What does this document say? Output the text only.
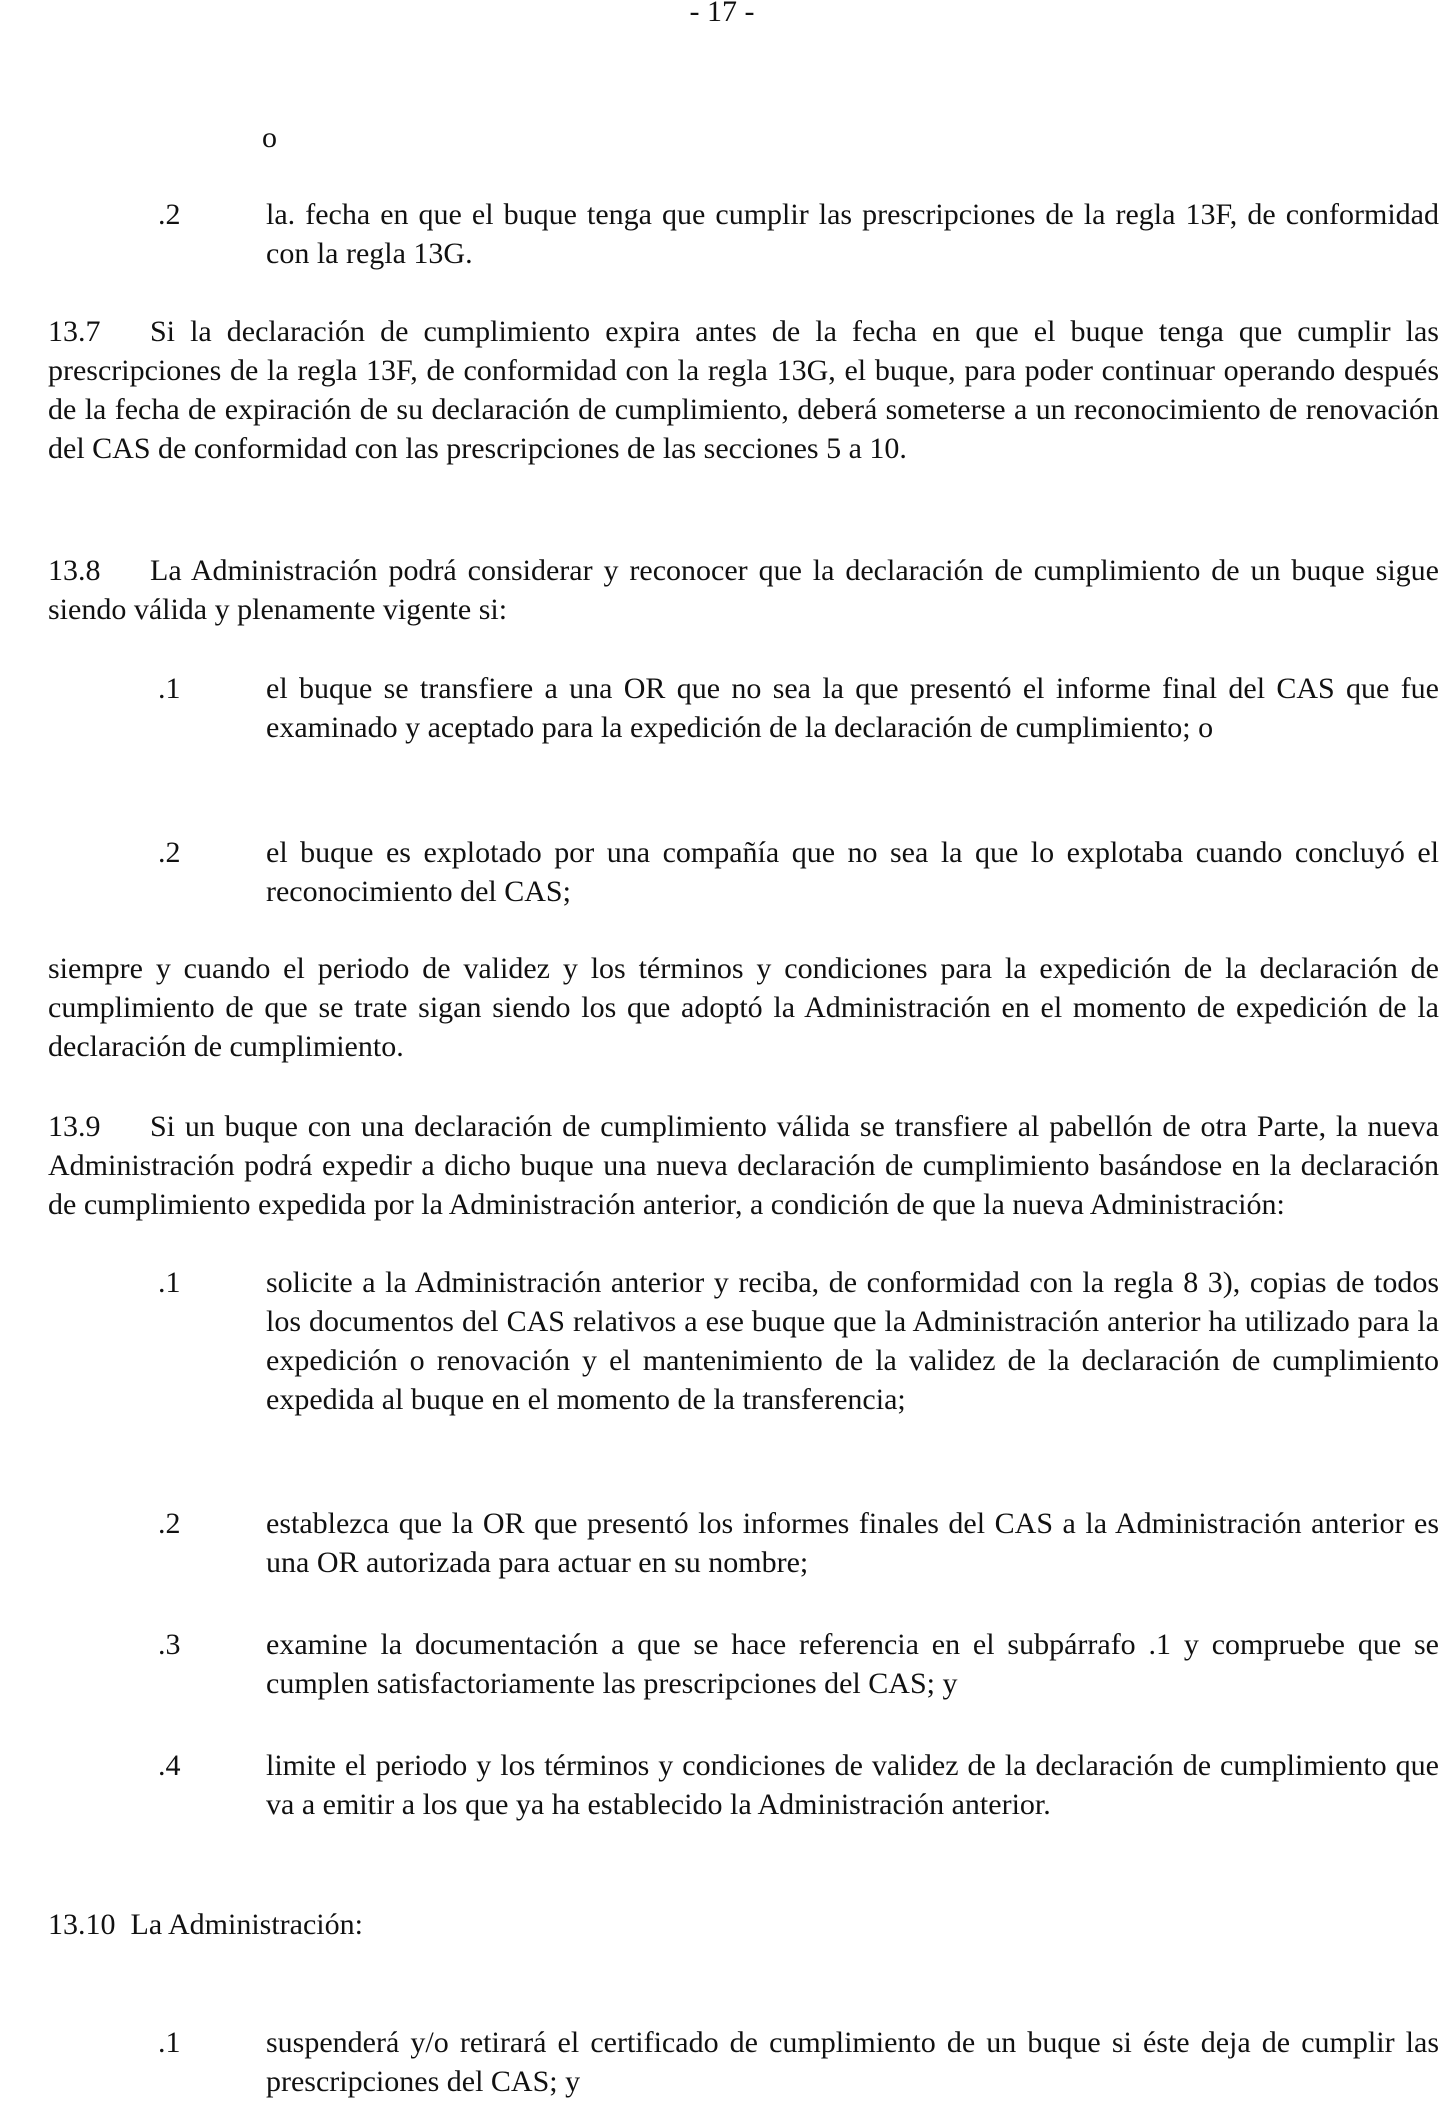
- 17 -
o
.2	la. fecha en que el buque tenga que cumplir las prescripciones de la regla 13F, de conformidad con la regla 13G.
13.7 Si la declaración de cumplimiento expira antes de la fecha en que el buque tenga que cumplir las prescripciones de la regla 13F, de conformidad con la regla 13G, el buque, para poder continuar operando después de la fecha de expiración de su declaración de cumplimiento, deberá someterse a un reconocimiento de renovación del CAS de conformidad con las prescripciones de las secciones 5 a 10.
13.8 La Administración podrá considerar y reconocer que la declaración de cumplimiento de un buque sigue siendo válida y plenamente vigente si:
.1	el buque se transfiere a una OR que no sea la que presentó el informe final del CAS que fue examinado y aceptado para la expedición de la declaración de cumplimiento; o
.2	el buque es explotado por una compañía que no sea la que lo explotaba cuando concluyó el reconocimiento del CAS;
siempre y cuando el periodo de validez y los términos y condiciones para la expedición de la declaración de cumplimiento de que se trate sigan siendo los que adoptó la Administración en el momento de expedición de la declaración de cumplimiento.
13.9 Si un buque con una declaración de cumplimiento válida se transfiere al pabellón de otra Parte, la nueva Administración podrá expedir a dicho buque una nueva declaración de cumplimiento basándose en la declaración de cumplimiento expedida por la Administración anterior, a condición de que la nueva Administración:
.1	solicite a la Administración anterior y reciba, de conformidad con la regla 8 3), copias de todos los documentos del CAS relativos a ese buque que la Administración anterior ha utilizado para la expedición o renovación y el mantenimiento de la validez de la declaración de cumplimiento expedida al buque en el momento de la transferencia;
.2	establezca que la OR que presentó los informes finales del CAS a la Administración anterior es una OR autorizada para actuar en su nombre;
.3	examine la documentación a que se hace referencia en el subpárrafo .1 y compruebe que se cumplen satisfactoriamente las prescripciones del CAS; y
.4	limite el periodo y los términos y condiciones de validez de la declaración de cumplimiento que va a emitir a los que ya ha establecido la Administración anterior.
13.10 La Administración:
.1	suspenderá y/o retirará el certificado de cumplimiento de un buque si éste deja de cumplir las prescripciones del CAS; y
